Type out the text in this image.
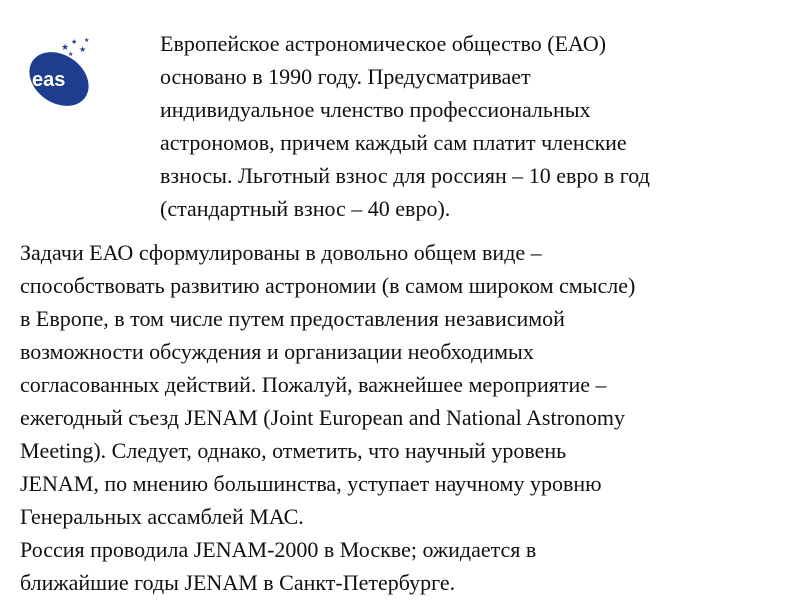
eas
★
★
★
★
★	Европейское астрономическое общество (ЕАО)
основано в 1990 году. Предусматривает
индивидуальное членство профессиональных
астрономов, причем каждый сам платит членские
взносы. Льготный взнос для россиян – 10 евро в год
(стандартный взнос – 40 евро).
Задачи ЕАО сформулированы в довольно общем виде –
способствовать развитию астрономии (в самом широком смысле)
в Европе, в том числе путем предоставления независимой
возможности обсуждения и организации необходимых
согласованных действий. Пожалуй, важнейшее мероприятие –
ежегодный съезд JENAM (Joint European and National Astronomy
Meeting). Следует, однако, отметить, что научный уровень
JENAM, по мнению большинства, уступает научному уровню
Генеральных ассамблей МАС.
Россия проводила JENAM-2000 в Москве; ожидается в
ближайшие годы JENAM в Санкт-Петербурге.
